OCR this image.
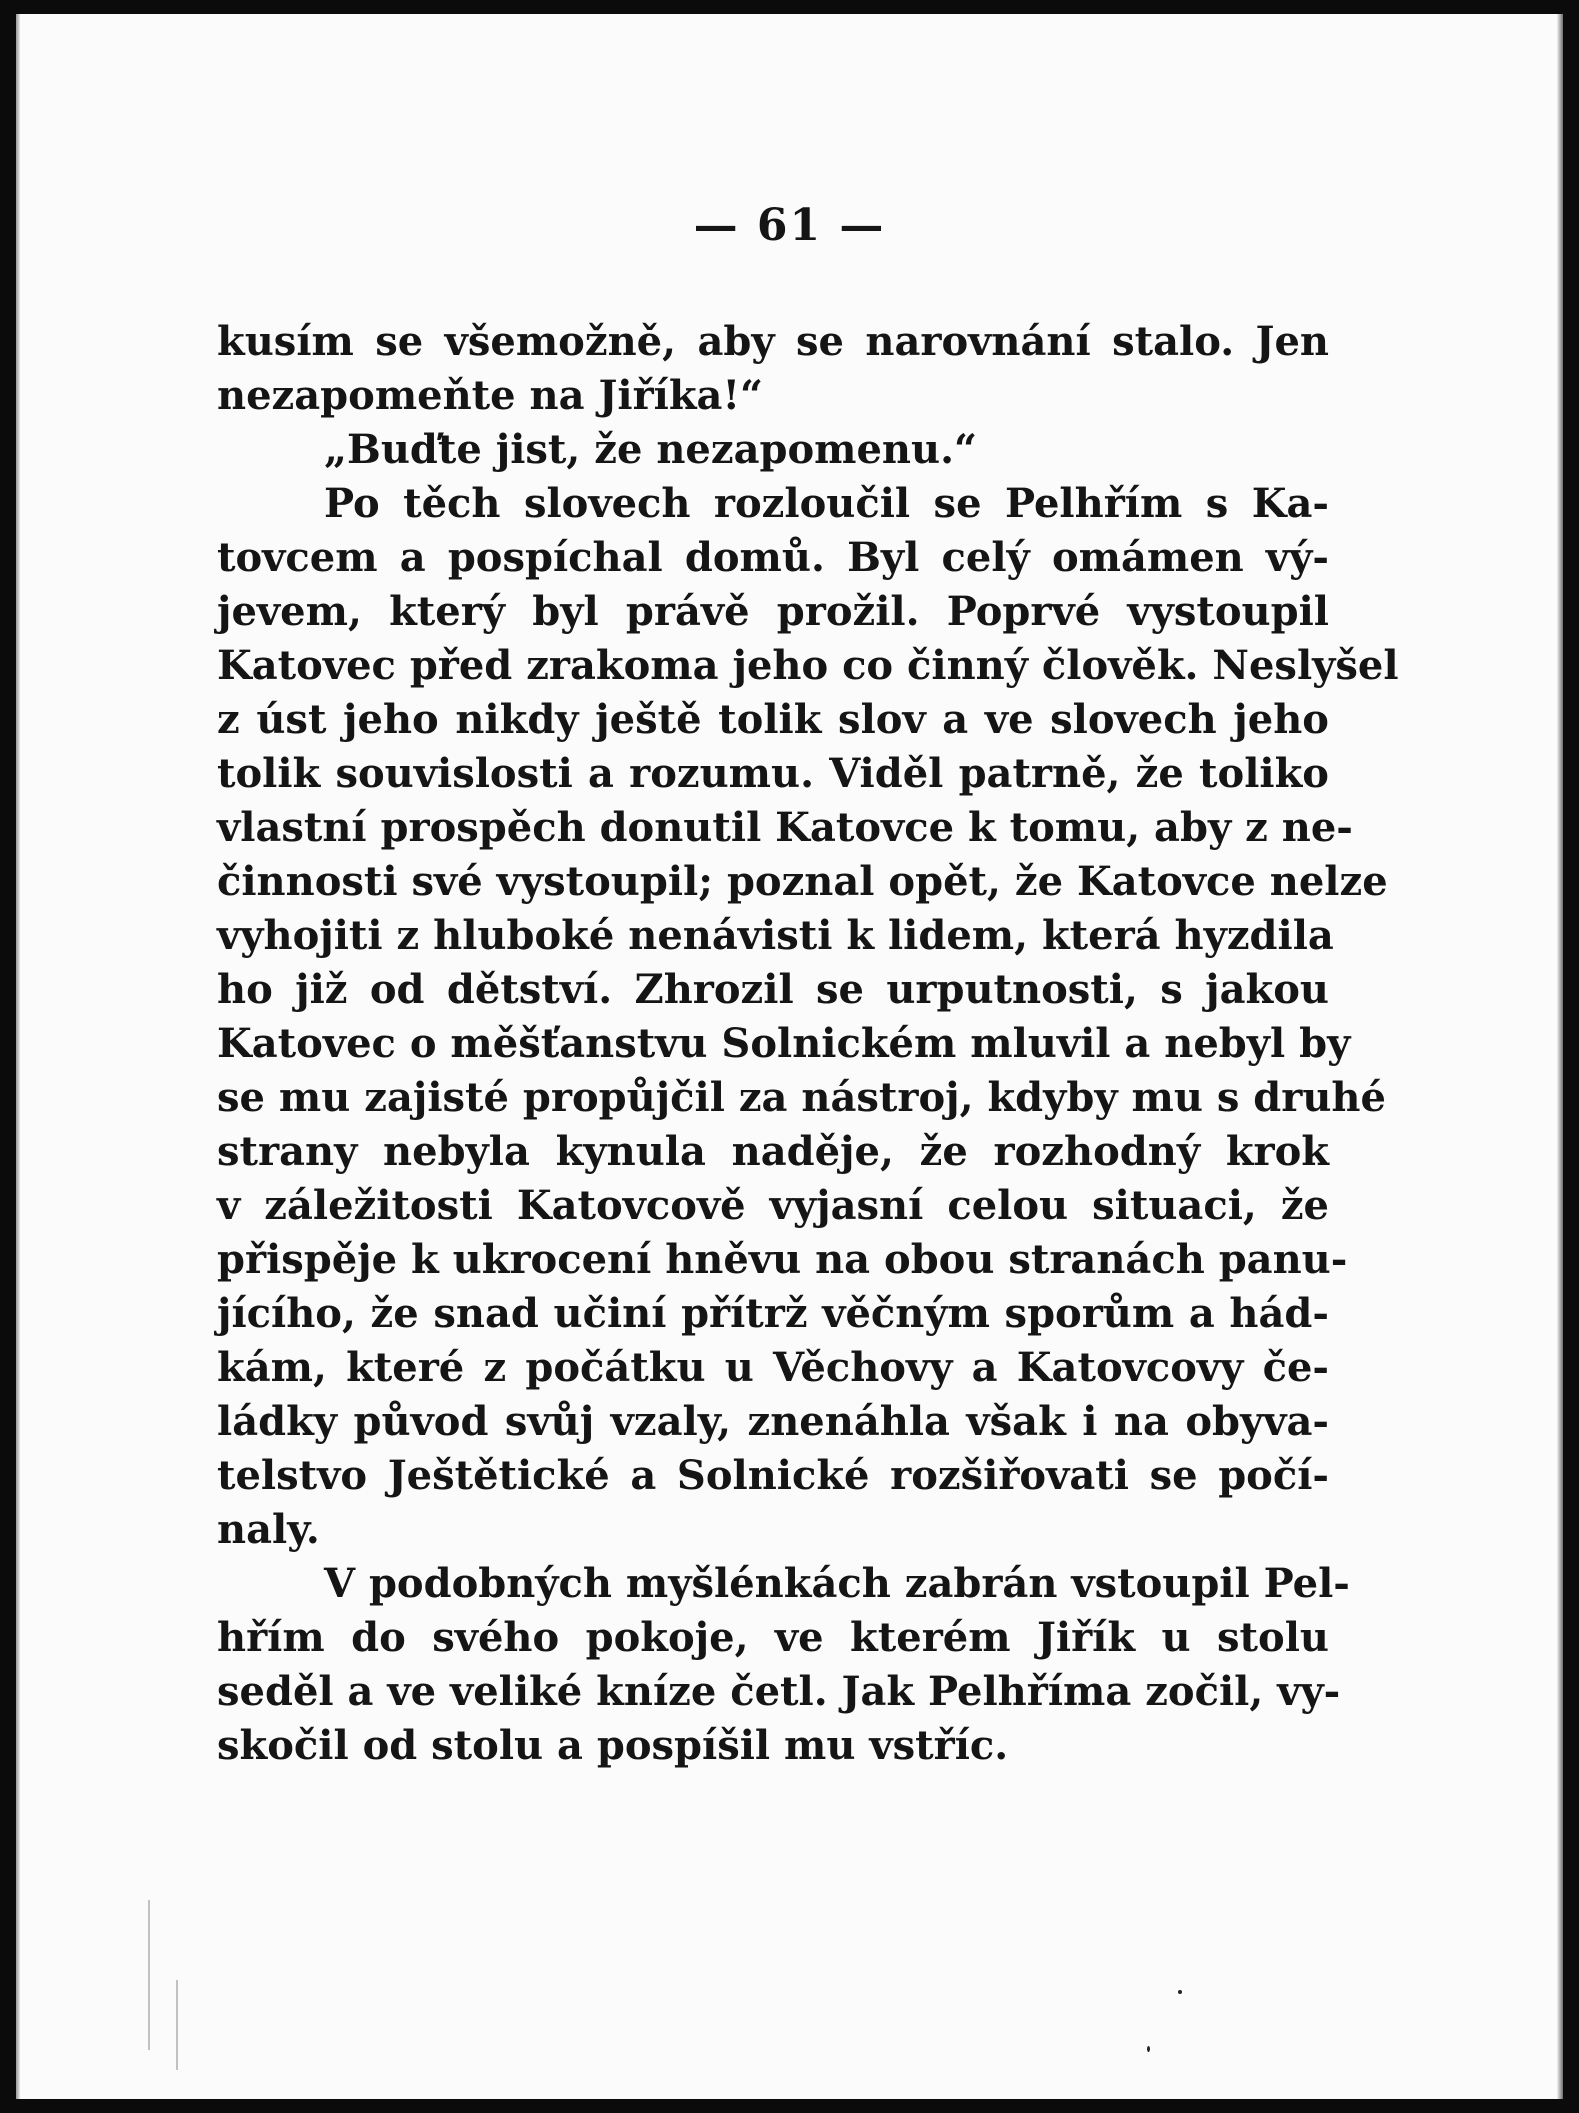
— 61 —
kusím se všemožně, aby se narovnání stalo. Jen
nezapomeňte na Jiříka!“
„Buďte jist, že nezapomenu.“
Po těch slovech rozloučil se Pelhřím s Ka-
tovcem a pospíchal domů. Byl celý omámen vý-
jevem, který byl právě prožil. Poprvé vystoupil
Katovec před zrakoma jeho co činný člověk. Neslyšel
z úst jeho nikdy ještě tolik slov a ve slovech jeho
tolik souvislosti a rozumu. Viděl patrně, že toliko
vlastní prospěch donutil Katovce k tomu, aby z ne-
činnosti své vystoupil; poznal opět, že Katovce nelze
vyhojiti z hluboké nenávisti k lidem, která hyzdila
ho již od dětství. Zhrozil se urputnosti, s jakou
Katovec o měšťanstvu Solnickém mluvil a nebyl by
se mu zajisté propůjčil za nástroj, kdyby mu s druhé
strany nebyla kynula naděje, že rozhodný krok
v záležitosti Katovcově vyjasní celou situaci, že
přispěje k ukrocení hněvu na obou stranách panu-
jícího, že snad učiní přítrž věčným sporům a hád-
kám, které z počátku u Věchovy a Katovcovy če-
ládky původ svůj vzaly, znenáhla však i na obyva-
telstvo Ještětické a Solnické rozšiřovati se počí-
naly.
V podobných myšlénkách zabrán vstoupil Pel-
hřím do svého pokoje, ve kterém Jiřík u stolu
seděl a ve veliké kníze četl. Jak Pelhříma zočil, vy-
skočil od stolu a pospíšil mu vstříc.
